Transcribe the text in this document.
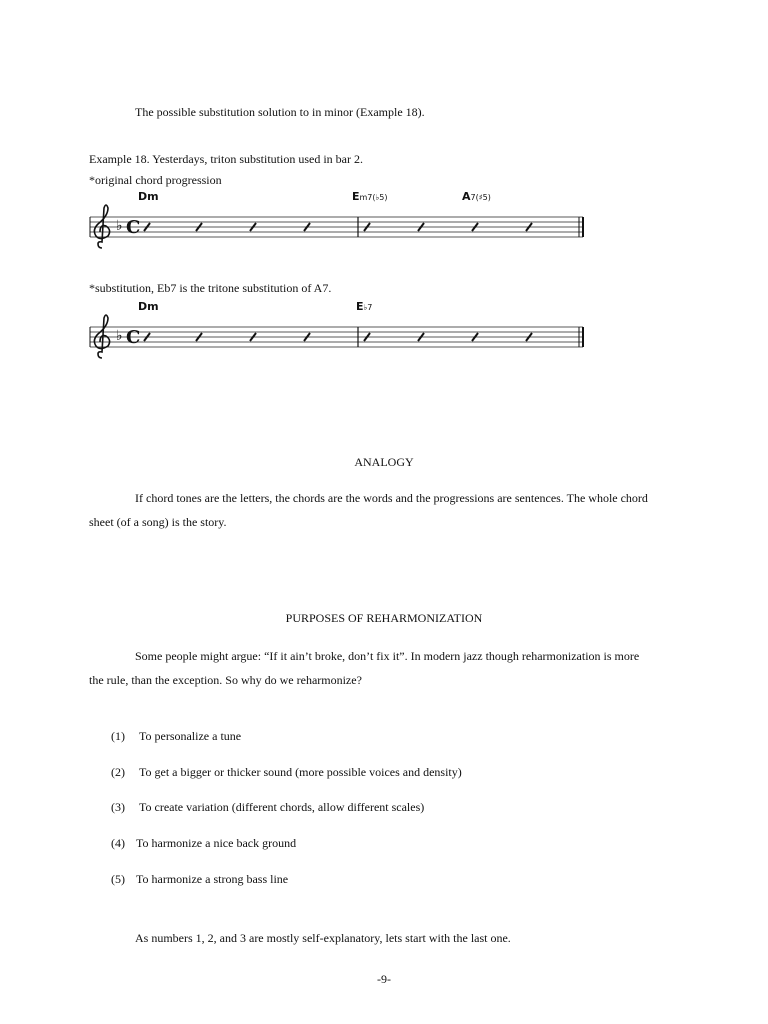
The possible substitution solution to in minor (Example 18).
Example 18. Yesterdays, triton substitution used in bar 2.
*original chord progression
Dm	Em7(♭5)	A7(♯5)
♭ C
*substitution, Eb7 is the tritone substitution of A7.
Dm	E♭7
♭ C
ANALOGY
If chord tones are the letters, the chords are the words and the progressions are sentences. The whole chord
sheet (of a song) is the story.
PURPOSES OF REHARMONIZATION
Some people might argue: “If it ain’t broke, don’t fix it”. In modern jazz though reharmonization is more
the rule, than the exception. So why do we reharmonize?
(1) To personalize a tune
(2) To get a bigger or thicker sound (more possible voices and density)
(3) To create variation (different chords, allow different scales)
(4) To harmonize a nice back ground
(5) To harmonize a strong bass line
As numbers 1, 2, and 3 are mostly self-explanatory, lets start with the last one.
-9-
